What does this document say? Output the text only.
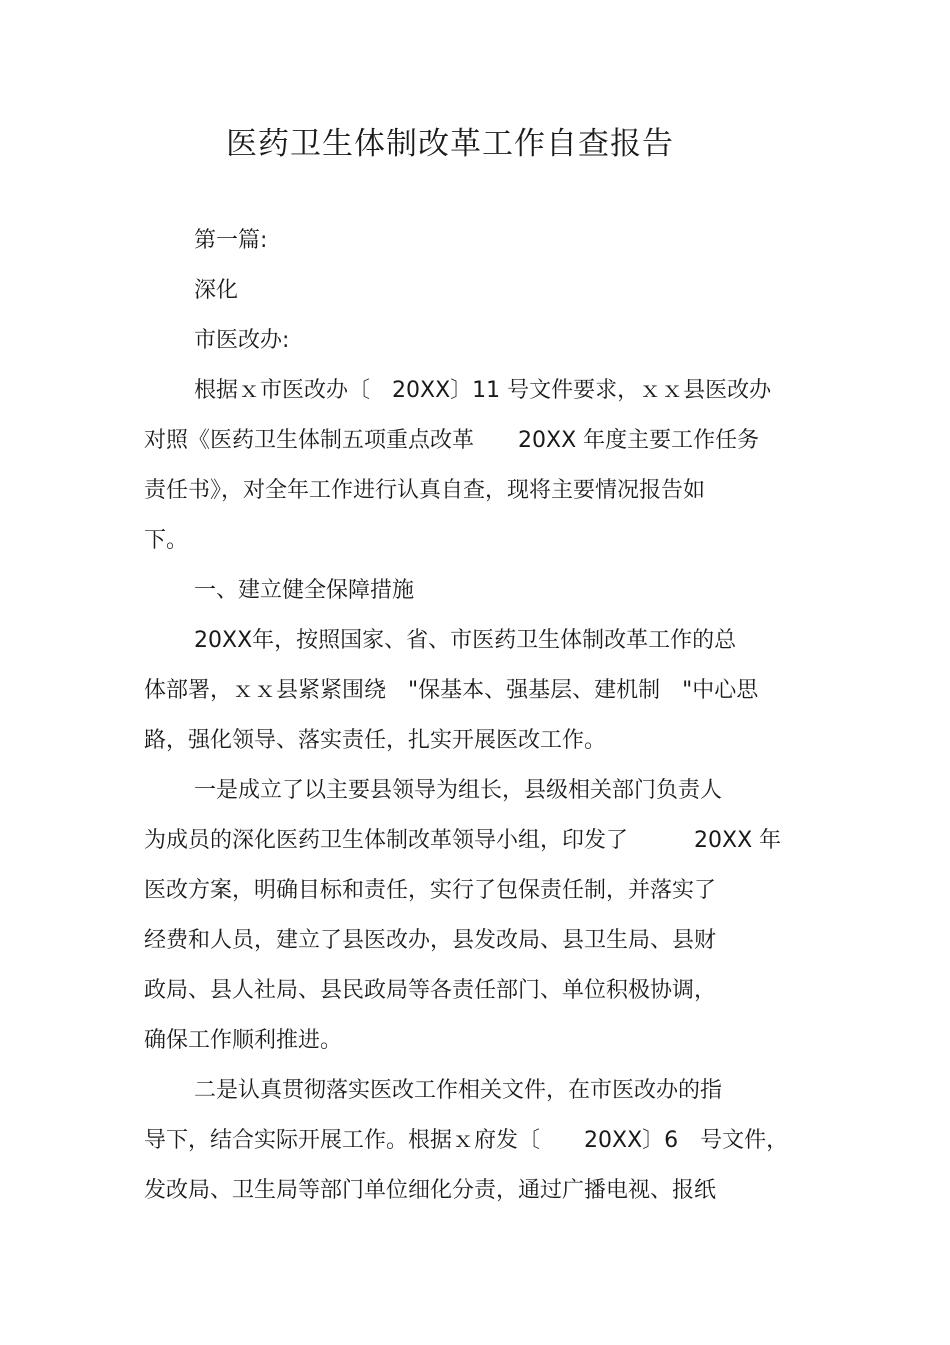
医药卫生体制改革工作自查报告
第一篇:
深化
市医改办:
根据ｘ市医改办〔　20XX〕11 号文件要求，ｘｘ县医改办
对照《医药卫生体制五项重点改革　　20XX 年度主要工作任务
责任书》，对全年工作进行认真自查，现将主要情况报告如
下。
一、建立健全保障措施
20XX年，按照国家、省、市医药卫生体制改革工作的总
体部署，ｘｘ县紧紧围绕　"保基本、强基层、建机制　"中心思
路，强化领导、落实责任，扎实开展医改工作。
一是成立了以主要县领导为组长，县级相关部门负责人
为成员的深化医药卫生体制改革领导小组，印发了　　　20XX 年
医改方案，明确目标和责任，实行了包保责任制，并落实了
经费和人员，建立了县医改办，县发改局、县卫生局、县财
政局、县人社局、县民政局等各责任部门、单位积极协调，
确保工作顺利推进。
二是认真贯彻落实医改工作相关文件，在市医改办的指
导下，结合实际开展工作。根据ｘ府发〔　　20XX〕6　号文件，
发改局、卫生局等部门单位细化分责，通过广播电视、报纸
